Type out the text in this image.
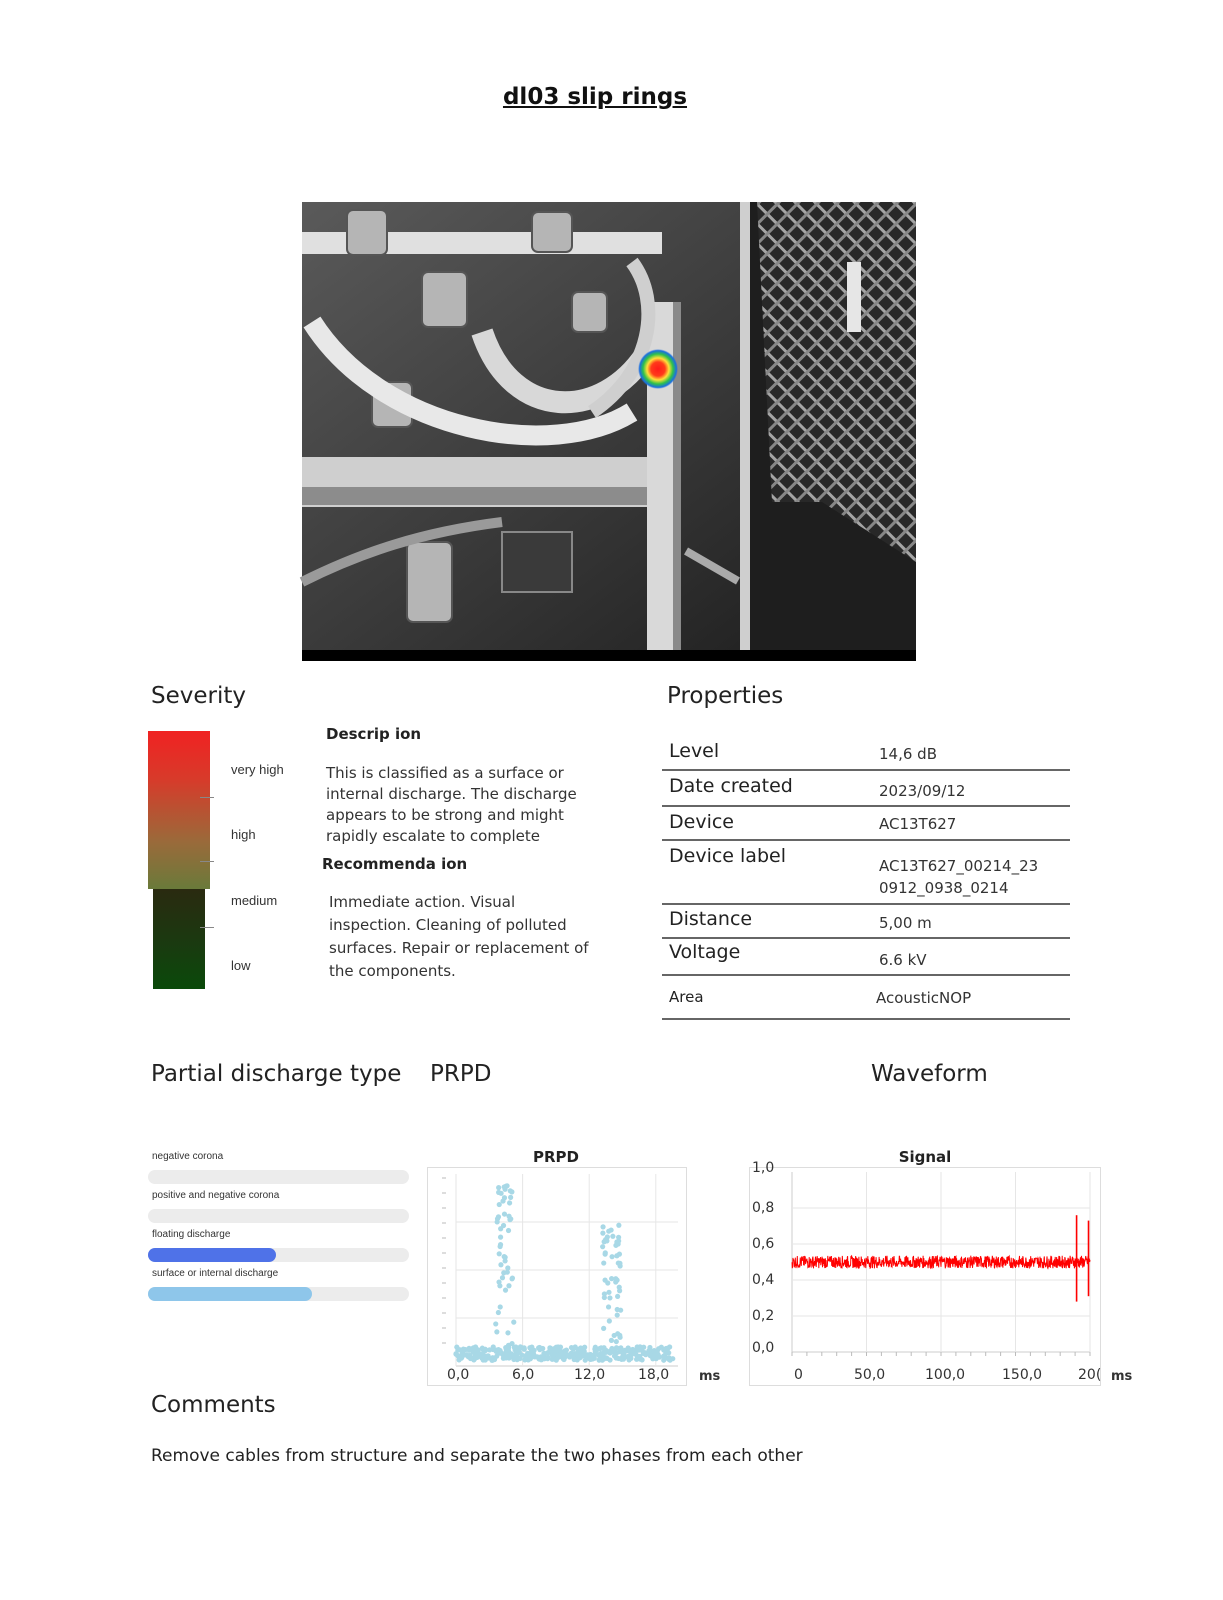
dl03 slip rings
Severity
very high
high
medium
low
Descrip ion
This is classified as a surface or
internal discharge. The discharge
appears to be strong and might
rapidly escalate to complete
Recommenda ion
Immediate action. Visual
inspection. Cleaning of polluted
surfaces. Repair or replacement of
the components.
Properties
Level	14,6 dB
Date created	2023/09/12
Device	AC13T627
Device label	AC13T627_00214_23
0912_0938_0214
Distance	5,00 m
Voltage	6.6 kV
Area	AcousticNOP
Partial discharge type PRPD	Waveform
negative corona
positive and negative corona
floating discharge
surface or internal discharge
PRPD
0,0	6,0	12,0 18,0 ms
Signal
1,0
0,8
0,6
0,4
0,2
0,0
0	50,0	100,0	150,0	20( ms
Comments
Remove cables from structure and separate the two phases from each other
